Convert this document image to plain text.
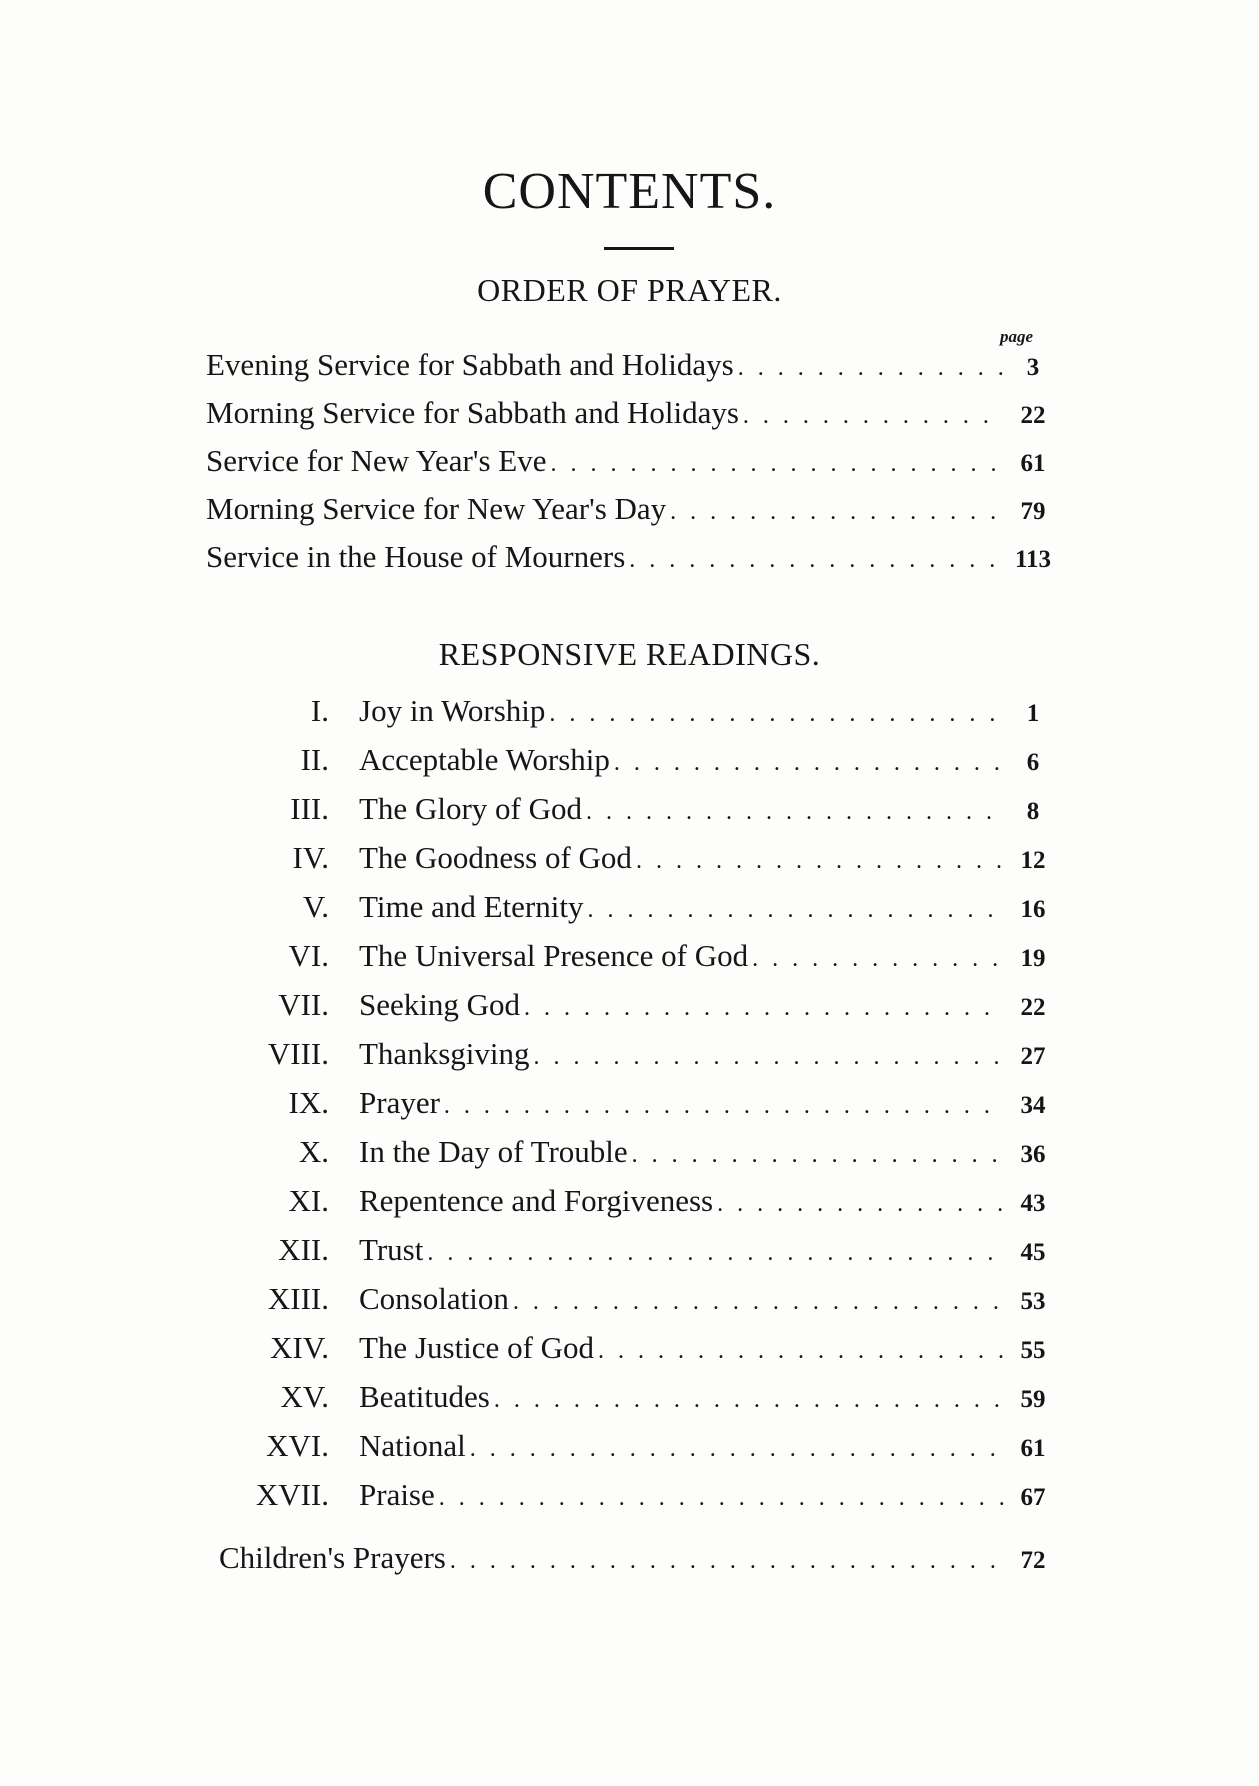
CONTENTS.
ORDER OF PRAYER.
page
Evening Service for Sabbath and Holidays . . .	3
Morning Service for Sabbath and Holidays . . .	22
Service for New Year's Eve . . .	61
Morning Service for New Year's Day . . .	79
Service in the House of Mourners . . .	113
RESPONSIVE READINGS.
I. Joy in Worship . . .	1
II. Acceptable Worship . . .	6
III. The Glory of God . . .	8
IV. The Goodness of God . . .	12
V. Time and Eternity . . .	16
VI. The Universal Presence of God . . .	19
VII. Seeking God . . .	22
VIII. Thanksgiving . . .	27
IX. Prayer . . .	34
X. In the Day of Trouble . . .	36
XI. Repentence and Forgiveness . . .	43
XII. Trust . . .	45
XIII. Consolation . . .	53
XIV. The Justice of God . . .	55
XV. Beatitudes . . .	59
XVI. National . . .	61
XVII. Praise . . .	67
Children's Prayers . . .	72
